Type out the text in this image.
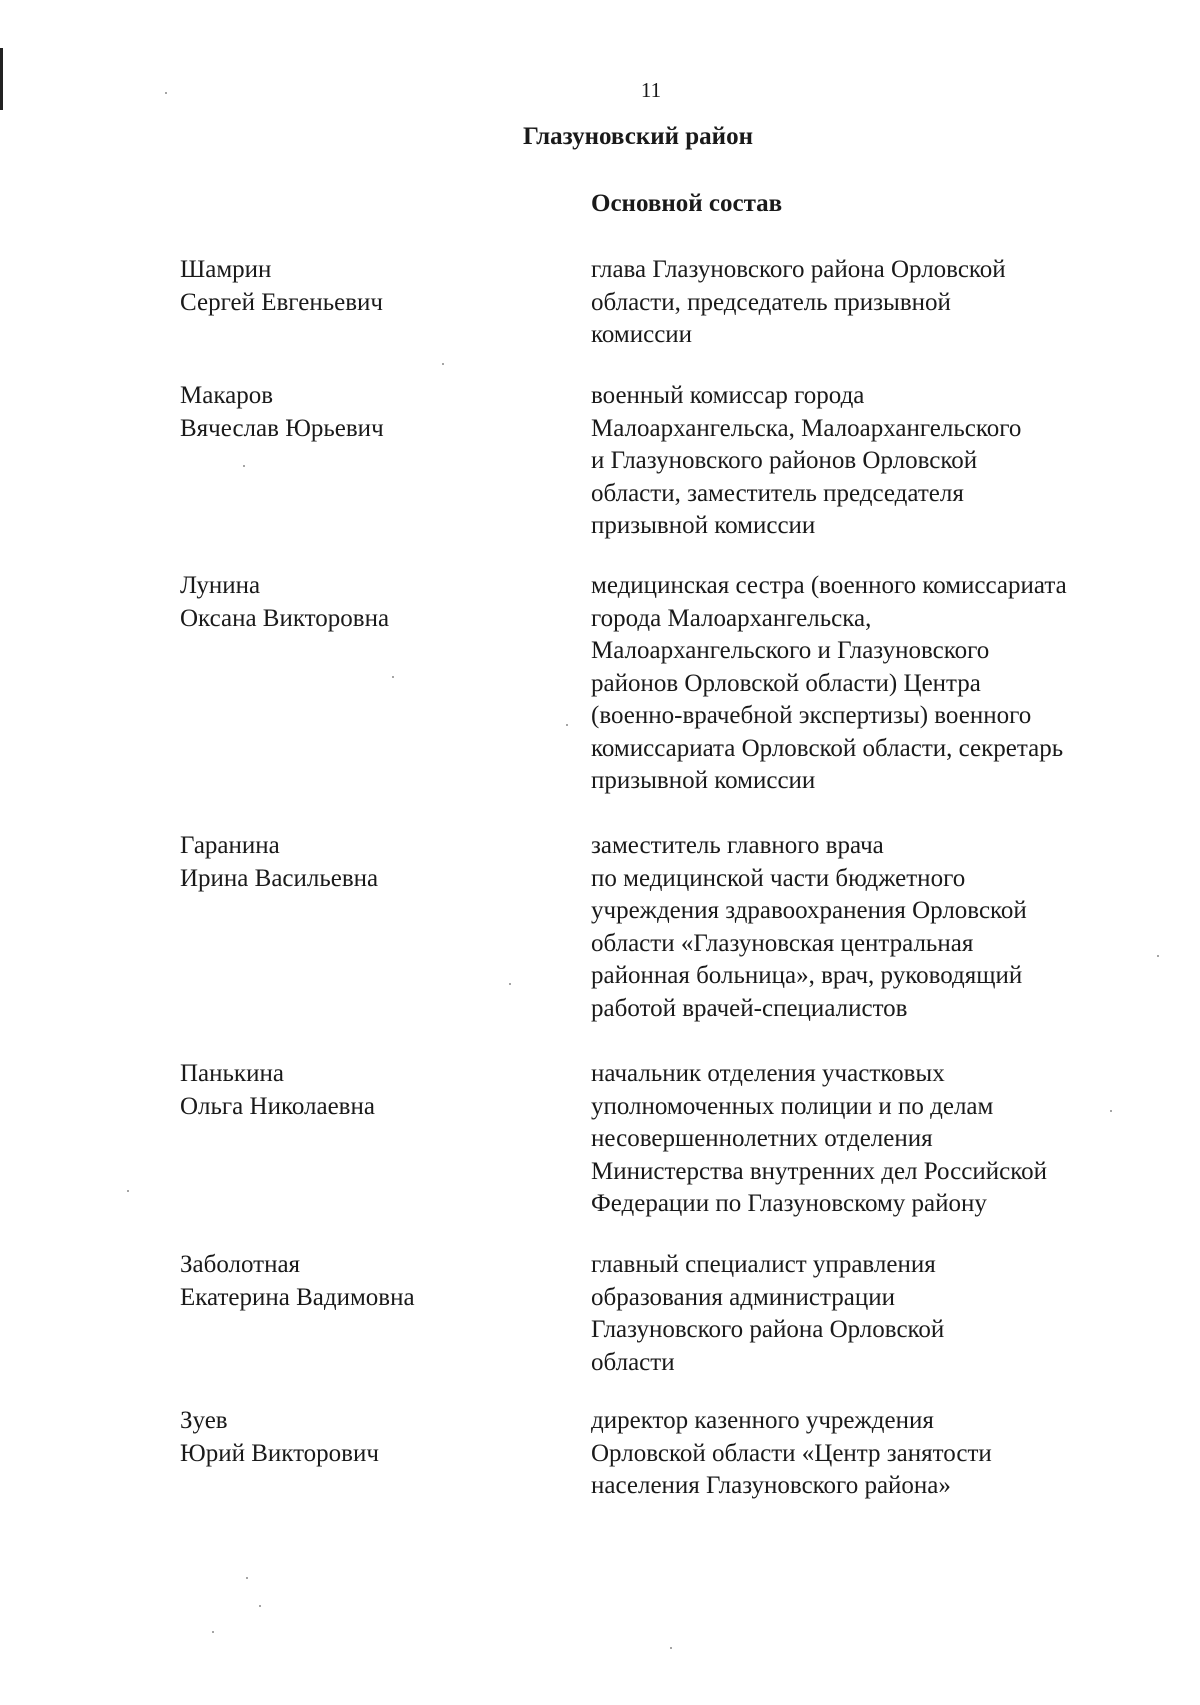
11
Глазуновский район
Основной состав
Шамрин
Сергей Евгеньевич
глава Глазуновского района Орловской
области, председатель призывной
комиссии
Макаров
Вячеслав Юрьевич
военный комиссар города
Малоархангельска, Малоархангельского
и Глазуновского районов Орловской
области, заместитель председателя
призывной комиссии
Лунина
Оксана Викторовна
медицинская сестра (военного комиссариата
города Малоархангельска,
Малоархангельского и Глазуновского
районов Орловской области) Центра
(военно-врачебной экспертизы) военного
комиссариата Орловской области, секретарь
призывной комиссии
Гаранина
Ирина Васильевна
заместитель главного врача
по медицинской части бюджетного
учреждения здравоохранения Орловской
области «Глазуновская центральная
районная больница», врач, руководящий
работой врачей-специалистов
Панькина
Ольга Николаевна
начальник отделения участковых
уполномоченных полиции и по делам
несовершеннолетних отделения
Министерства внутренних дел Российской
Федерации по Глазуновскому району
Заболотная
Екатерина Вадимовна
главный специалист управления
образования администрации
Глазуновского района Орловской
области
Зуев
Юрий Викторович
директор казенного учреждения
Орловской области «Центр занятости
населения Глазуновского района»
